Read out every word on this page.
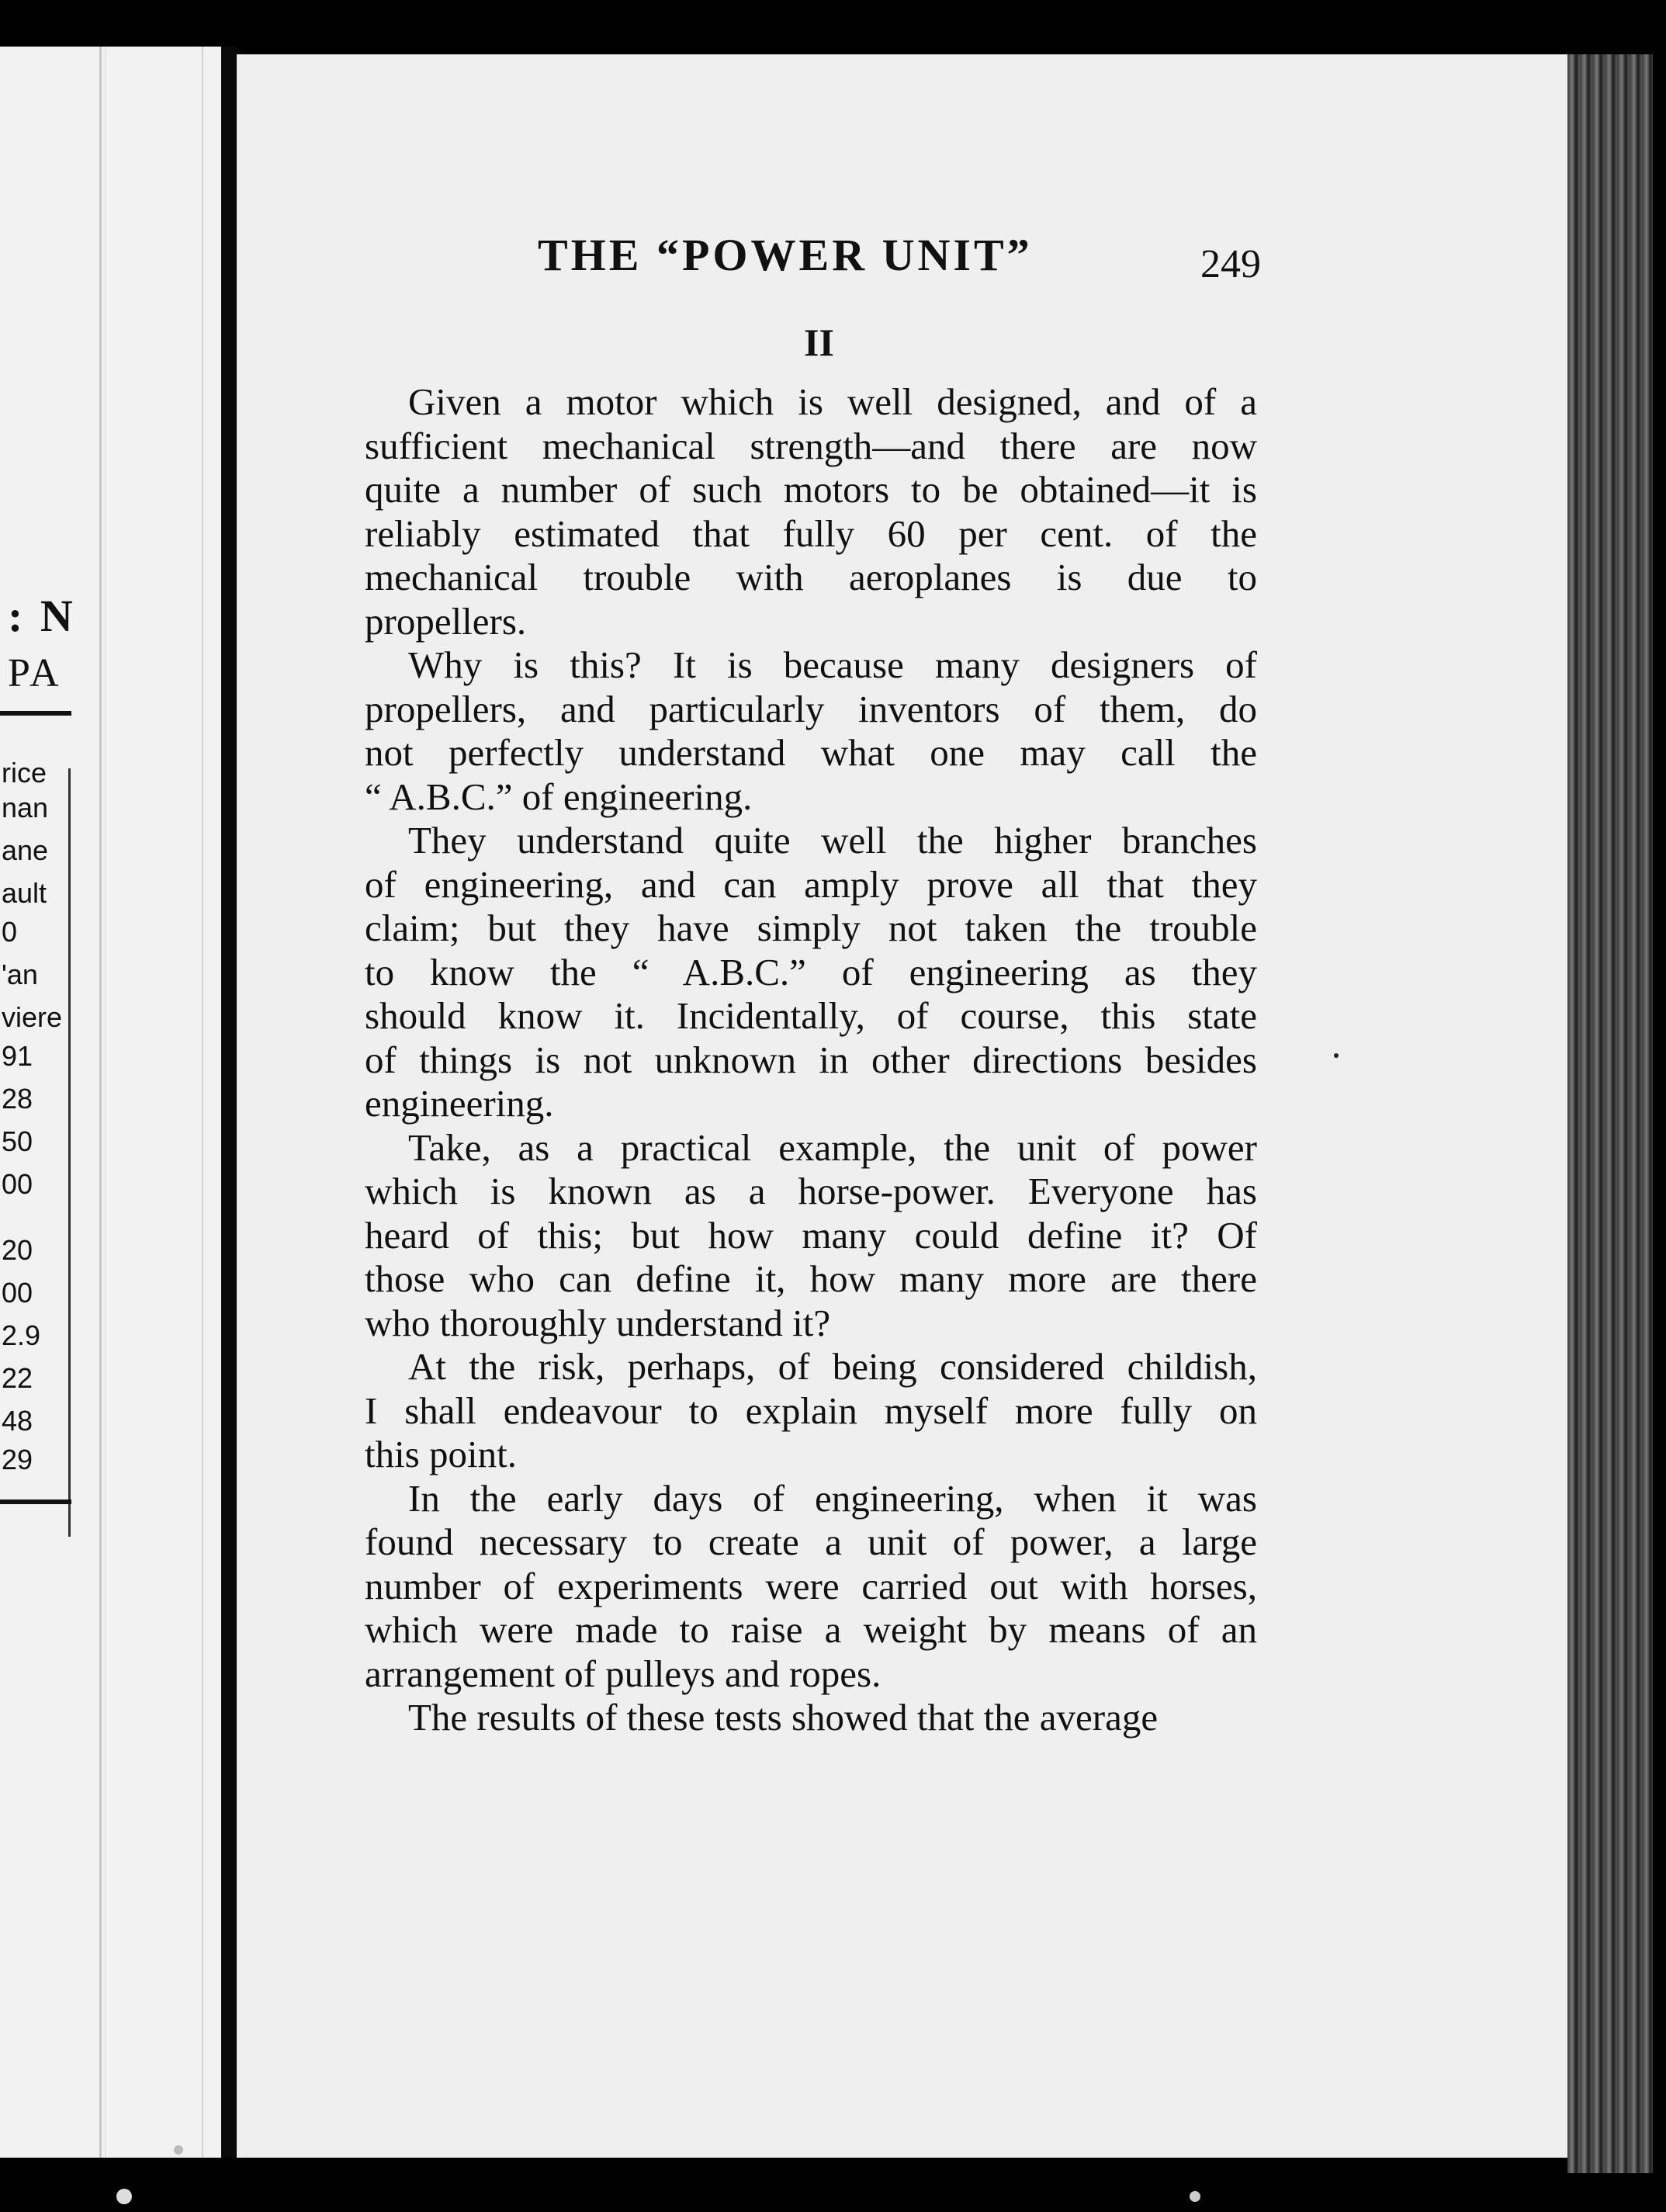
: N
PA
rice
nan
ane
ault
0
'an
viere
91
28
50
00
20
00
2.9
22
48
29
THE “POWER UNIT”	249
II
Given a motor which is well designed, and of a
sufficient mechanical strength—and there are now
quite a number of such motors to be obtained—it is
reliably estimated that fully 60 per cent. of the
mechanical trouble with aeroplanes is due to
propellers.
Why is this? It is because many designers of
propellers, and particularly inventors of them, do
not perfectly understand what one may call the
“ A.B.C.” of engineering.
They understand quite well the higher branches
of engineering, and can amply prove all that they
claim; but they have simply not taken the trouble
to know the “ A.B.C.” of engineering as they
should know it. Incidentally, of course, this state
of things is not unknown in other directions besides
engineering.
Take, as a practical example, the unit of power
which is known as a horse-power. Everyone has
heard of this; but how many could define it? Of
those who can define it, how many more are there
who thoroughly understand it?
At the risk, perhaps, of being considered childish,
I shall endeavour to explain myself more fully on
this point.
In the early days of engineering, when it was
found necessary to create a unit of power, a large
number of experiments were carried out with horses,
which were made to raise a weight by means of an
arrangement of pulleys and ropes.
The results of these tests showed that the average
